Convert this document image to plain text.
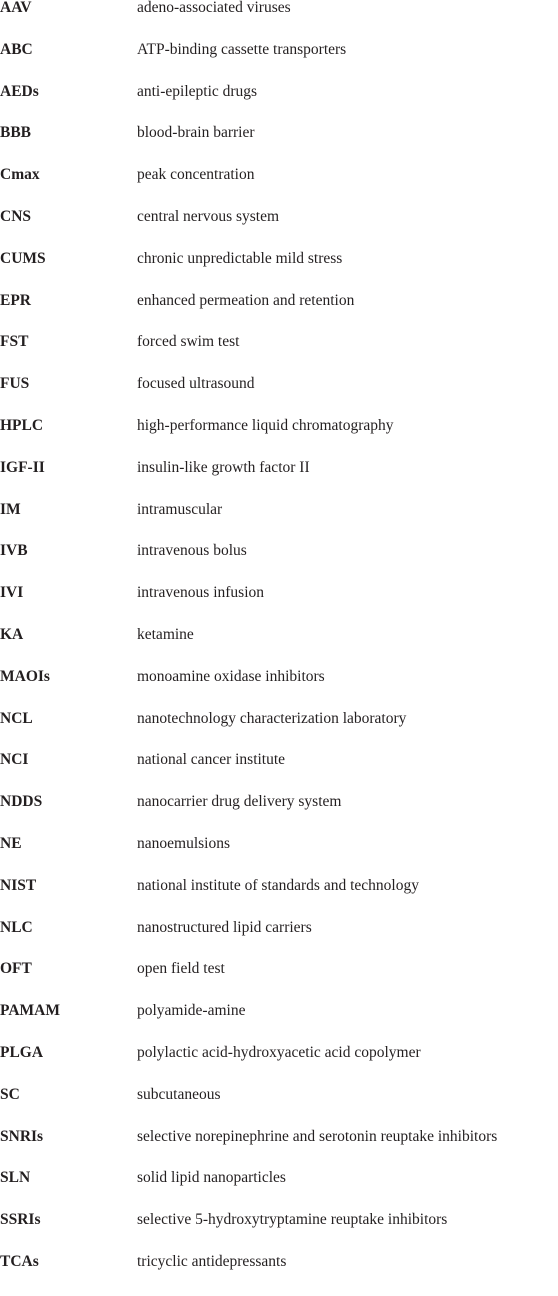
AAV	adeno-associated viruses
ABC	ATP-binding cassette transporters
AEDs	anti-epileptic drugs
BBB	blood-brain barrier
Cmax	peak concentration
CNS	central nervous system
CUMS	chronic unpredictable mild stress
EPR	enhanced permeation and retention
FST	forced swim test
FUS	focused ultrasound
HPLC	high-performance liquid chromatography
IGF-II	insulin-like growth factor II
IM	intramuscular
IVB	intravenous bolus
IVI	intravenous infusion
KA	ketamine
MAOIs	monoamine oxidase inhibitors
NCL	nanotechnology characterization laboratory
NCI	national cancer institute
NDDS	nanocarrier drug delivery system
NE	nanoemulsions
NIST	national institute of standards and technology
NLC	nanostructured lipid carriers
OFT	open field test
PAMAM	polyamide-amine
PLGA	polylactic acid-hydroxyacetic acid copolymer
SC	subcutaneous
SNRIs	selective norepinephrine and serotonin reuptake inhibitors
SLN	solid lipid nanoparticles
SSRIs	selective 5-hydroxytryptamine reuptake inhibitors
TCAs	tricyclic antidepressants
